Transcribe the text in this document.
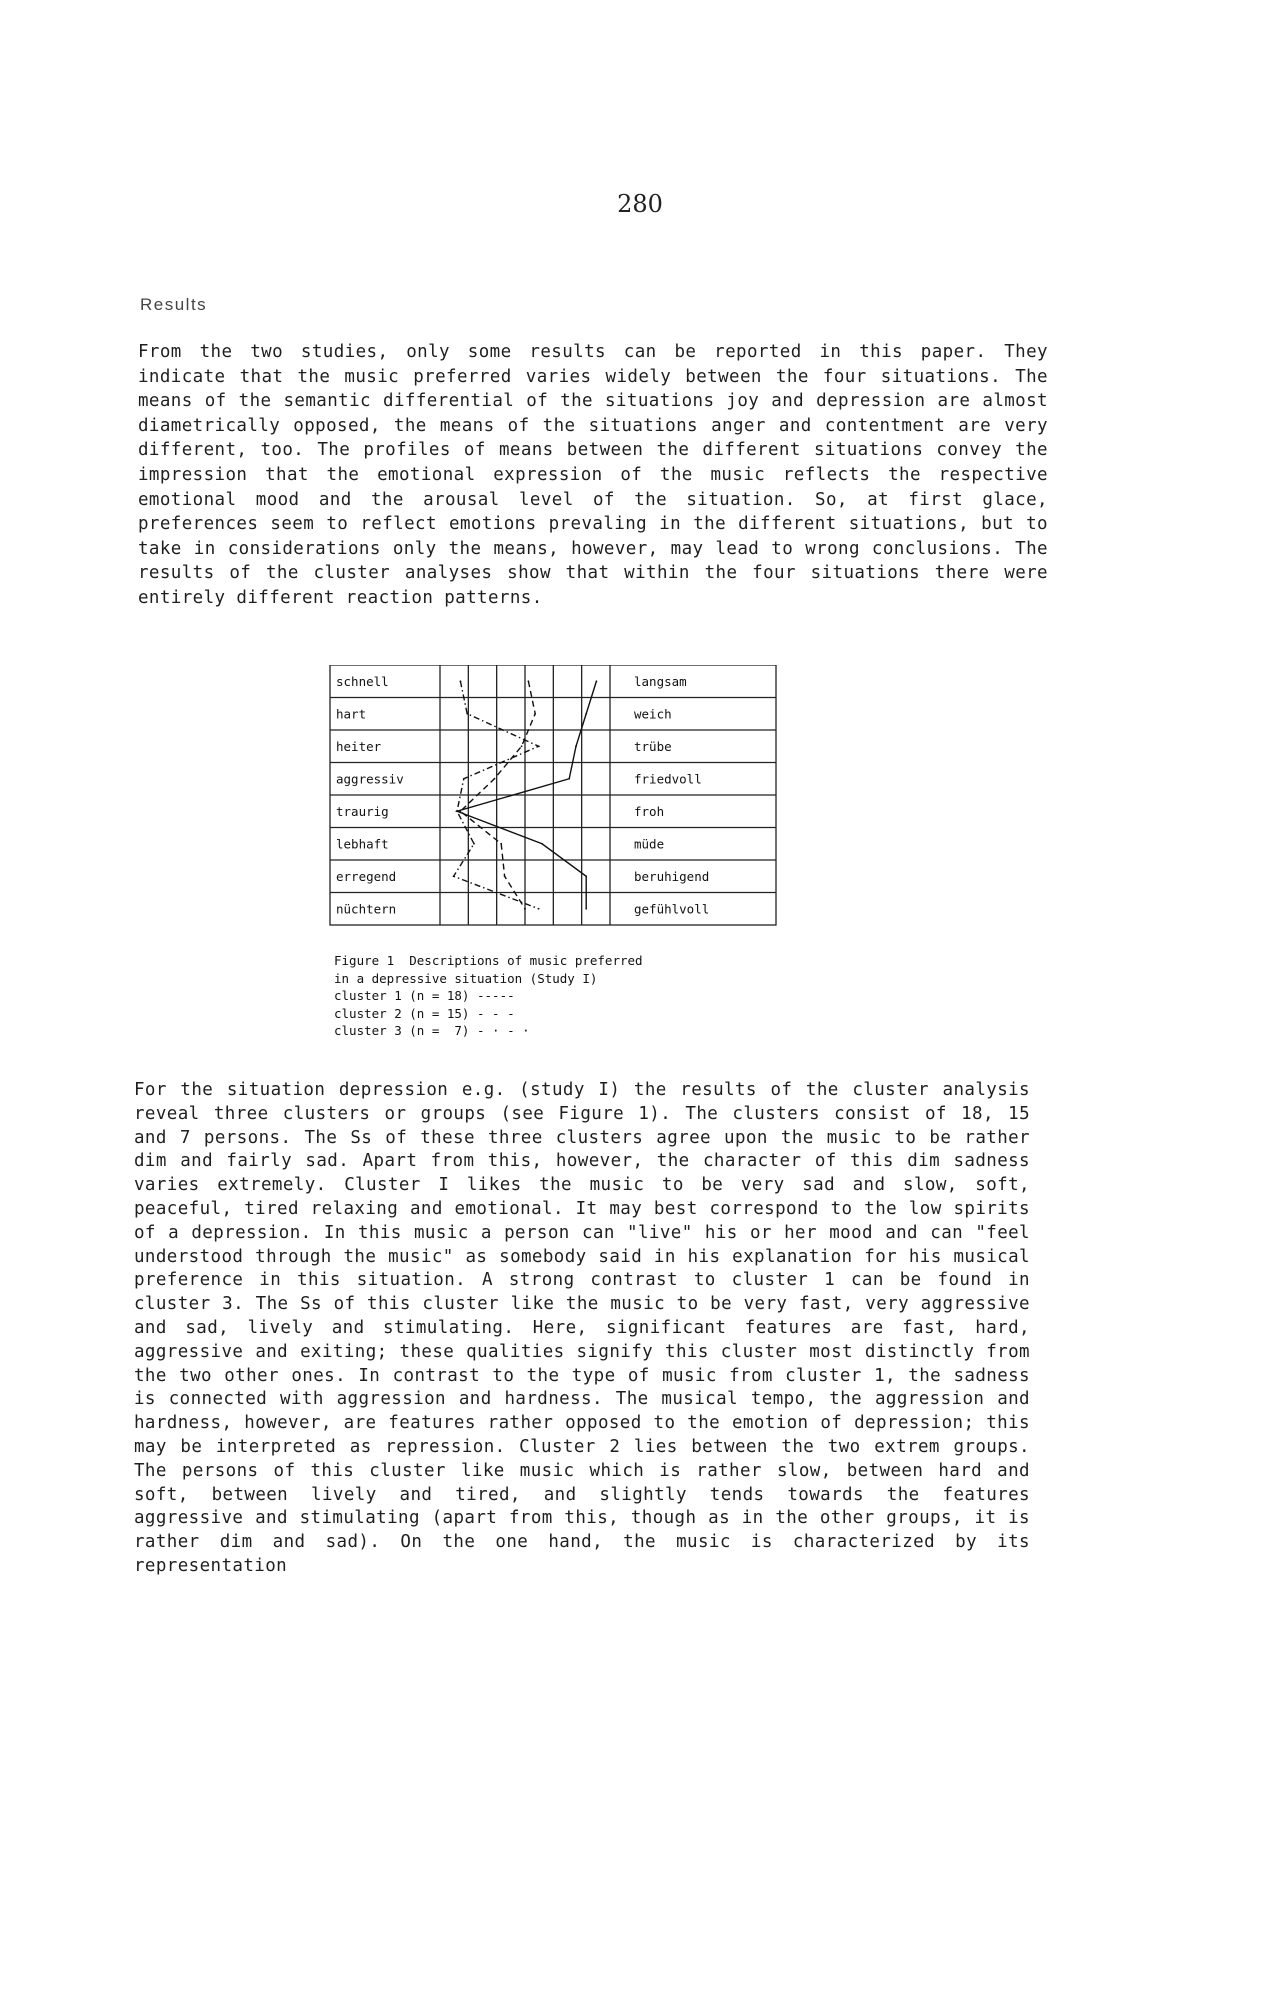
280
Results

From the two studies, only some results can be reported in this paper. They indicate that the music preferred varies widely between the four situations. The means of the semantic differential of the situations joy and depression are almost diametrically opposed, the means of the situations anger and contentment are very different, too. The profiles of means between the different situations convey the impression that the emotional expression of the music reflects the respective emotional mood and the arousal level of the situation. So, at first glace, preferences seem to reflect emotions prevaling in the different situations, but to take in considerations only the means, however, may lead to wrong conclusions. The results of the cluster analyses show that within the four situations there were entirely different reaction patterns.

schnell
hart
heiter
aggressiv
traurig
lebhaft
erregend
nüchtern
langsam
weich
trübe
friedvoll
froh
müde
beruhigend
gefühlvoll
Figure 1  Descriptions of music preferred
in a depressive situation (Study I)
cluster 1 (n = 18) -----
cluster 2 (n = 15) - - -
cluster 3 (n =  7) - · - ·

For the situation depression e.g. (study I) the results of the cluster analysis reveal three clusters or groups (see Figure 1). The clusters consist of 18, 15 and 7 persons. The Ss of these three clusters agree upon the music to be rather dim and fairly sad. Apart from this, however, the character of this dim sadness varies extremely. Cluster I likes the music to be very sad and slow, soft, peaceful, tired relaxing and emotional. It may best correspond to the low spirits of a depression. In this music a person can "live" his or her mood and can "feel understood through the music" as somebody said in his explanation for his musical preference in this situation. A strong contrast to cluster 1 can be found in cluster 3. The Ss of this cluster like the music to be very fast, very aggressive and sad, lively and stimulating. Here, significant features are fast, hard, aggressive and exiting; these qualities signify this cluster most distinctly from the two other ones. In contrast to the type of music from cluster 1, the sadness is connected with aggression and hardness. The musical tempo, the aggression and hardness, however, are features rather opposed to the emotion of depression; this may be interpreted as repression. Cluster 2 lies between the two extrem groups. The persons of this cluster like music which is rather slow, between hard and soft, between lively and tired, and slightly tends towards the features aggressive and stimulating (apart from this, though as in the other groups, it is rather dim and sad). On the one hand, the music is characterized by its representation
